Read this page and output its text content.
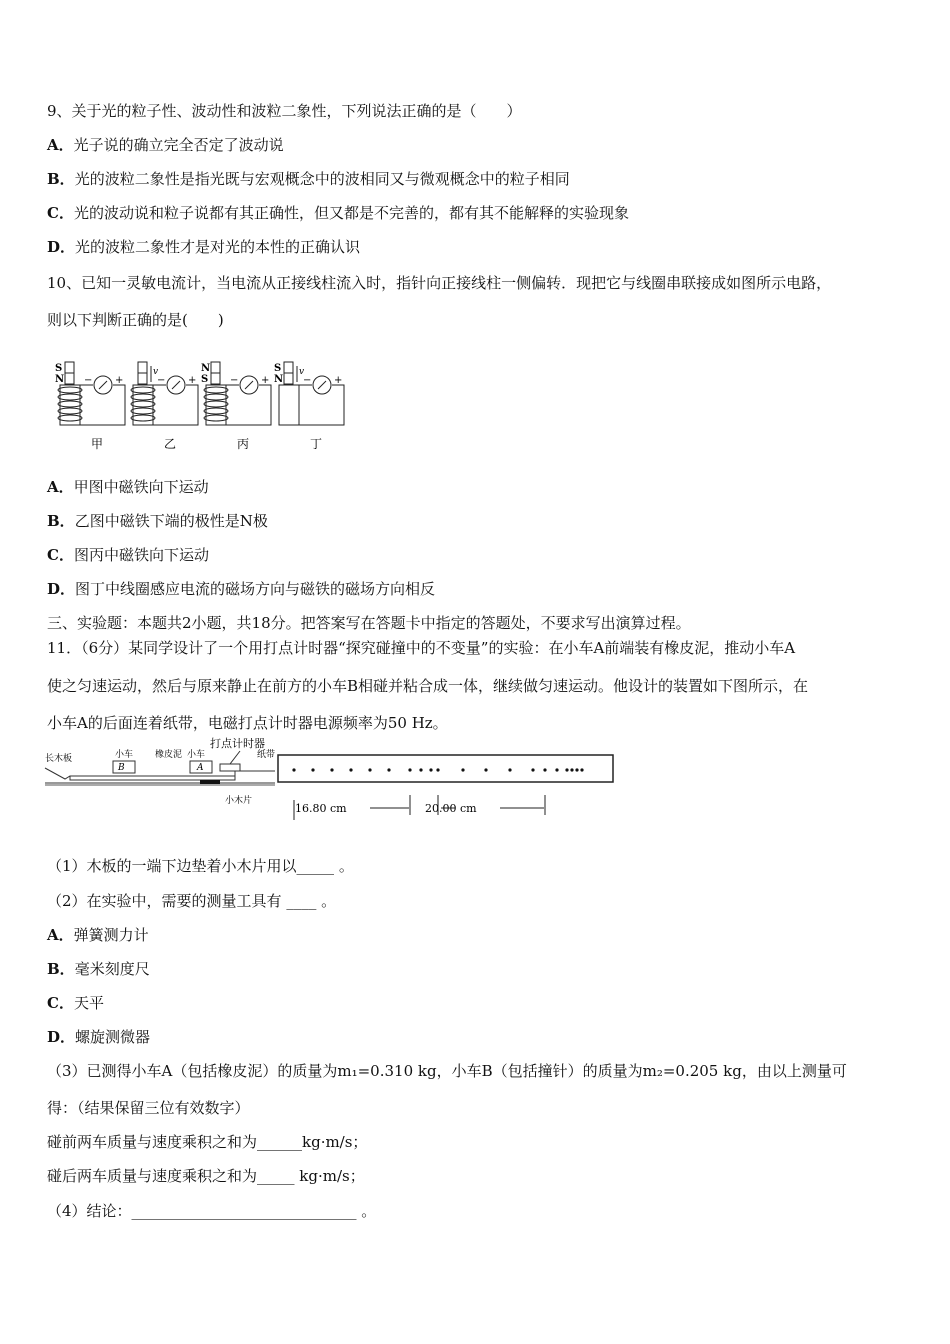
9、关于光的粒子性、波动性和波粒二象性，下列说法正确的是（　　）
A．光子说的确立完全否定了波动说
B．光的波粒二象性是指光既与宏观概念中的波相同又与微观概念中的粒子相同
C．光的波动说和粒子说都有其正确性，但又都是不完善的，都有其不能解释的实验现象
D．光的波粒二象性才是对光的本性的正确认识
10、已知一灵敏电流计，当电流从正接线柱流入时，指针向正接线柱一侧偏转．现把它与线圈串联接成如图所示电路，
则以下判断正确的是(　　)
S
N − +
甲
v
− +
乙
N
S − +
丙
S
N
v
− +
丁
A．甲图中磁铁向下运动
B．乙图中磁铁下端的极性是N极
C．图丙中磁铁向下运动
D．图丁中线圈感应电流的磁场方向与磁铁的磁场方向相反
三、实验题：本题共2小题，共18分。把答案写在答题卡中指定的答题处，不要求写出演算过程。
11．（6分）某同学设计了一个用打点计时器“探究碰撞中的不变量”的实验：在小车A前端装有橡皮泥，推动小车A
使之匀速运动，然后与原来静止在前方的小车B相碰并粘合成一体，继续做匀速运动。他设计的装置如下图所示，在
小车A的后面连着纸带，电磁打点计时器电源频率为50 Hz。
B	A
长木板	小车 橡皮泥 小车
打点计时器
纸带
小木片
16.80 cm	20.00 cm
（1）木板的一端下边垫着小木片用以_____ 。
（2）在实验中，需要的测量工具有 ____ 。
A．弹簧测力计
B．毫米刻度尺
C．天平
D．螺旋测微器
（3）已测得小车A（包括橡皮泥）的质量为m₁=0.310 kg，小车B（包括撞针）的质量为m₂=0.205 kg，由以上测量可
得：（结果保留三位有效数字）
碰前两车质量与速度乘积之和为______kg·m/s；
碰后两车质量与速度乘积之和为_____ kg·m/s；
（4）结论：______________________________ 。
